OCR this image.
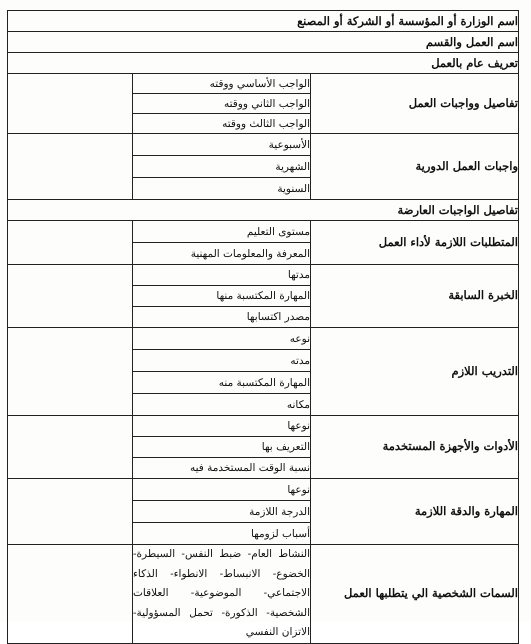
اسم الوزارة أو المؤسسة أو الشركة أو المصنع		
اسم العمل والقسم		
تعريف عام بالعمل		
تفاصيل وواجبات العمل	الواجب الأساسي ووقته	
	الواجب الثاني ووقته	
	الواجب الثالث ووقته	
واجبات العمل الدورية	الأسبوعية	
	الشهرية	
	السنوية	
تفاصيل الواجبات العارضة		
المتطلبات اللازمة لأداء العمل	مستوى التعليم	
	المعرفة والمعلومات المهنية	
الخبرة السابقة	مدتها	
	المهارة المكتسبة منها	
	مصدر اكتسابها	
التدريب اللازم	نوعه	
	مدته	
	المهارة المكتسبة منه	
	مكانه	
الأدوات والأجهزة المستخدمة	نوعها	
	التعريف بها	
	نسبة الوقت المستخدمة فيه	
المهارة والدقة اللازمة	نوعها	
	الدرجة اللازمة	
	أسباب لزومها	
السمات الشخصية الي يتطلبها العمل	النشاط العام- ضبط النفس- السيطرة- الخضوع- الانبساط- الانطواء- الذكاء الاجتماعي- الموضوعية- العلاقات الشخصية- الذكورة- تحمل المسؤولية- الاتزان النفسي	
